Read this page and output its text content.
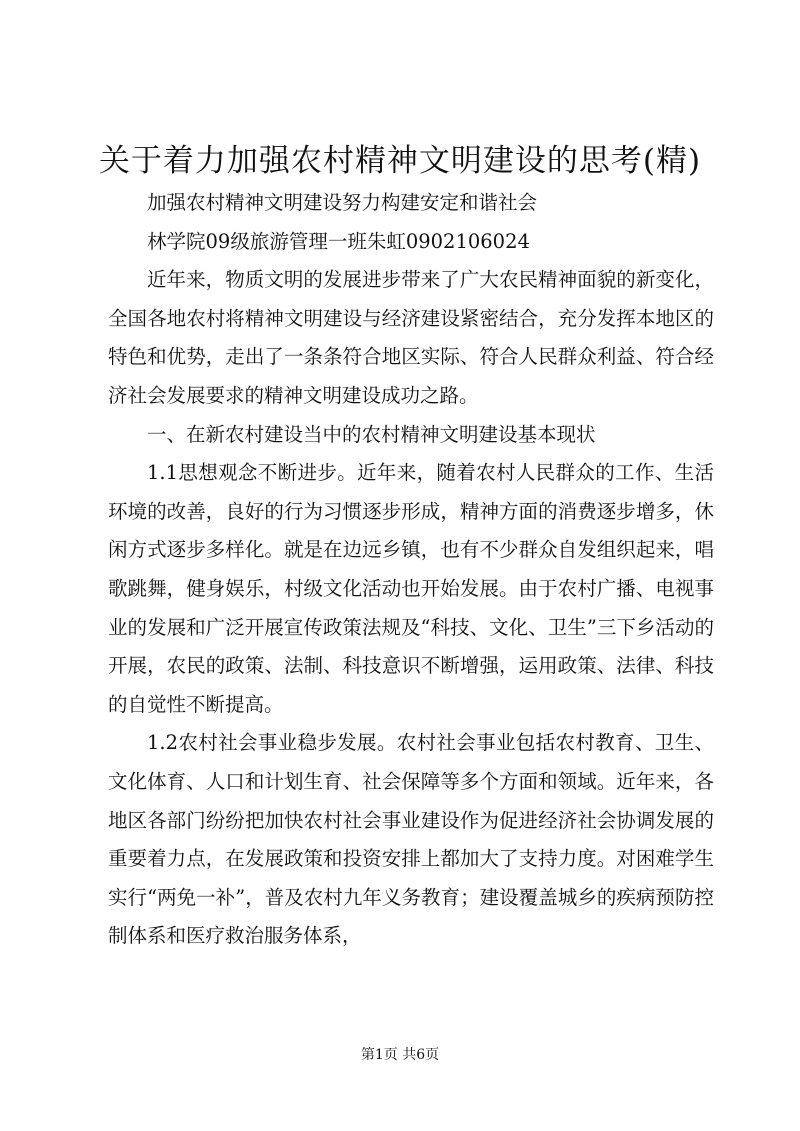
关于着力加强农村精神文明建设的思考(精)

加强农村精神文明建设努力构建安定和谐社会

林学院09级旅游管理一班朱虹0902106024

近年来，物质文明的发展进步带来了广大农民精神面貌的新变化，全国各地农村将精神文明建设与经济建设紧密结合，充分发挥本地区的特色和优势，走出了一条条符合地区实际、符合人民群众利益、符合经济社会发展要求的精神文明建设成功之路。

一、在新农村建设当中的农村精神文明建设基本现状

1.1思想观念不断进步。近年来，随着农村人民群众的工作、生活环境的改善，良好的行为习惯逐步形成，精神方面的消费逐步增多，休闲方式逐步多样化。就是在边远乡镇，也有不少群众自发组织起来，唱歌跳舞，健身娱乐，村级文化活动也开始发展。由于农村广播、电视事业的发展和广泛开展宣传政策法规及“科技、文化、卫生”三下乡活动的开展，农民的政策、法制、科技意识不断增强，运用政策、法律、科技的自觉性不断提高。

1.2农村社会事业稳步发展。农村社会事业包括农村教育、卫生、文化体育、人口和计划生育、社会保障等多个方面和领域。近年来，各地区各部门纷纷把加快农村社会事业建设作为促进经济社会协调发展的重要着力点，在发展政策和投资安排上都加大了支持力度。对困难学生实行“两免一补”，普及农村九年义务教育；建设覆盖城乡的疾病预防控制体系和医疗救治服务体系，

第1页 共6页
